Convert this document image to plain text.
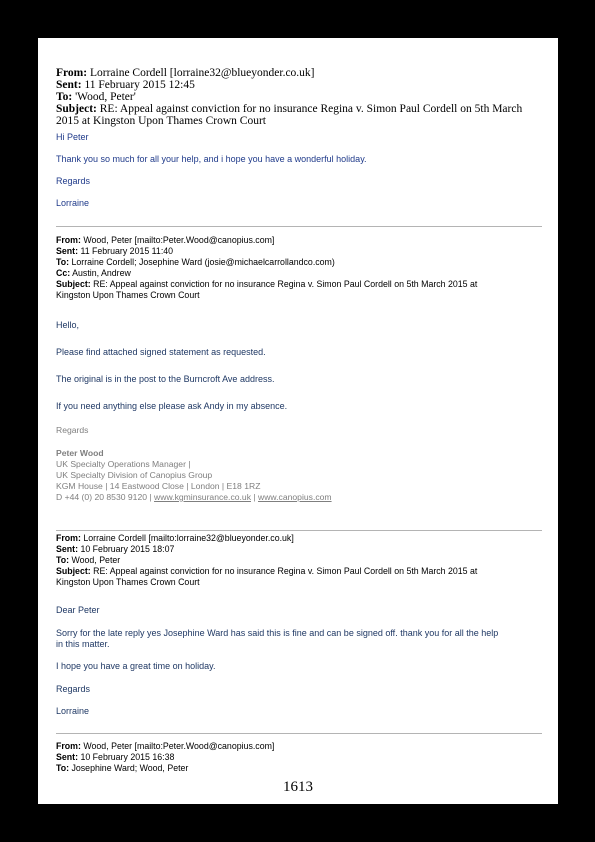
From: Lorraine Cordell [lorraine32@blueyonder.co.uk]
Sent: 11 February 2015 12:45
To: 'Wood, Peter'
Subject: RE: Appeal against conviction for no insurance Regina v. Simon Paul Cordell on 5th March
2015 at Kingston Upon Thames Crown Court
Hi Peter
Thank you so much for all your help, and i hope you have a wonderful holiday.
Regards
Lorraine
From: Wood, Peter [mailto:Peter.Wood@canopius.com]
Sent: 11 February 2015 11:40
To: Lorraine Cordell; Josephine Ward (josie@michaelcarrollandco.com)
Cc: Austin, Andrew
Subject: RE: Appeal against conviction for no insurance Regina v. Simon Paul Cordell on 5th March 2015 at
Kingston Upon Thames Crown Court
Hello,
Please find attached signed statement as requested.
The original is in the post to the Burncroft Ave address.
If you need anything else please ask Andy in my absence.
Regards
Peter Wood
UK Specialty Operations Manager |
UK Specialty Division of Canopius Group
KGM House | 14 Eastwood Close | London | E18 1RZ
D +44 (0) 20 8530 9120 | www.kgminsurance.co.uk | www.canopius.com
From: Lorraine Cordell [mailto:lorraine32@blueyonder.co.uk]
Sent: 10 February 2015 18:07
To: Wood, Peter
Subject: RE: Appeal against conviction for no insurance Regina v. Simon Paul Cordell on 5th March 2015 at
Kingston Upon Thames Crown Court
Dear Peter
Sorry for the late reply yes Josephine Ward has said this is fine and can be signed off. thank you for all the help
in this matter.
I hope you have a great time on holiday.
Regards
Lorraine
From: Wood, Peter [mailto:Peter.Wood@canopius.com]
Sent: 10 February 2015 16:38
To: Josephine Ward; Wood, Peter
1613
